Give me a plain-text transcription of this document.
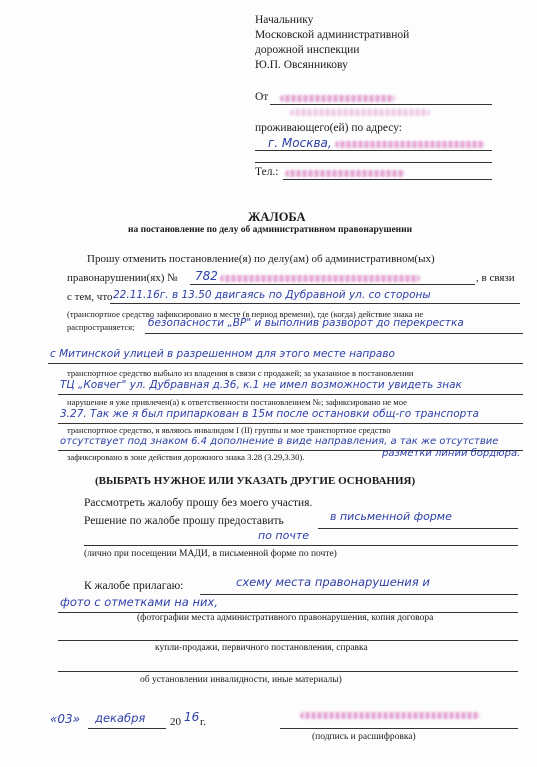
Начальнику
Московской административной
дорожной инспекции
Ю.П. Овсянникову
От
проживающего(ей) по адресу:
г. Москва,
Тел.:
ЖАЛОБА
на постановление по делу об административном правонарушении
Прошу отменить постановление(я) по делу(ам) об административном(ых)
правонарушении(ях) № 782	, в связи
с тем, что 22.11.16г. в 13.50 двигаясь по Дубравной ул. со стороны
(транспортное средство зафиксировано в месте (в период времени), где (когда) действие знака не
распространяется; безопасности „ВР" и выполнив разворот до перекрестка
с Митинской улицей в разрешенном для этого месте направо
транспортное средство выбыло из владения в связи с продажей; за указанное в постановлении
ТЦ „Ковчег" ул. Дубравная д.36, к.1 не имел возможности увидеть знак
нарушение я уже привлечен(а) к ответственности постановлением №; зафиксировано не мое
3.27. Так же я был припаркован в 15м после остановки общ-го транспорта
транспортное средство, я являюсь инвалидом I (II) группы и мое транспортное средство
отсутствует под знаком 6.4 дополнение в виде направления, а так же отсутствие
зафиксировано в зоне действия дорожного знака 3.28 (3.29,3.30).	разметки линии бордюра.
(ВЫБРАТЬ НУЖНОЕ ИЛИ УКАЗАТЬ ДРУГИЕ ОСНОВАНИЯ)
Рассмотреть жалобу прошу без моего участия.
Решение по жалобе прошу предоставить	в письменной форме
по почте
(лично при посещении МАДИ, в письменной форме по почте)
К жалобе прилагаю:	схему места правонарушения и
фото с отметками на них,
(фотографии места административного правонарушения, копия договора
купли-продажи, первичного постановления, справка
об установлении инвалидности, иные материалы)
«03» декабря 20 16 г.
(подпись и расшифровка)
